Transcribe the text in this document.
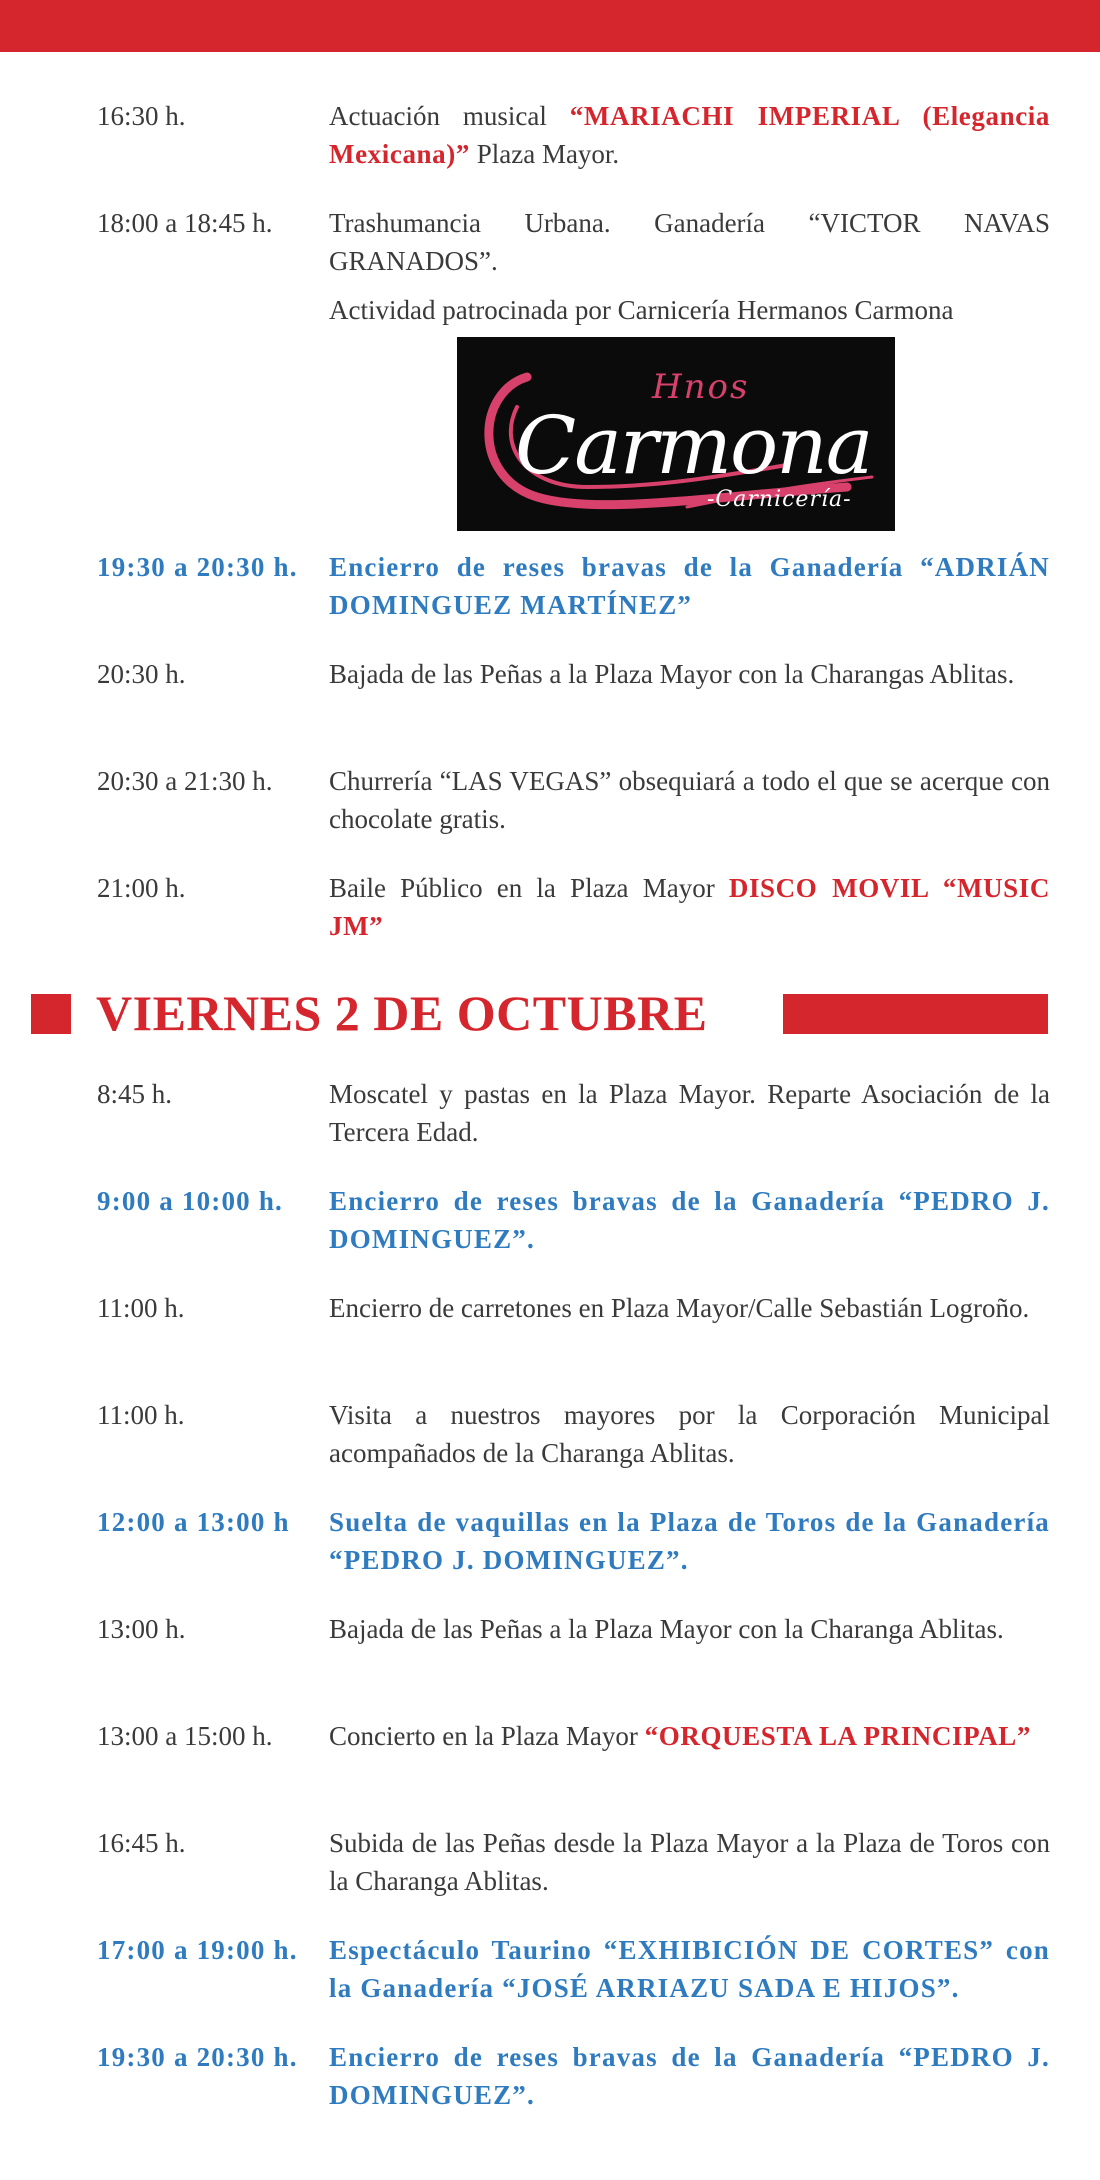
16:30 h.	Actuación musical “MARIACHI IMPERIAL (Elegancia Mexicana)” Plaza Mayor.
18:00 a 18:45 h.	Trashumancia Urbana. Ganadería “VICTOR NAVAS GRANADOS”.
Actividad patrocinada por Carnicería Hermanos Carmona
Hnos
Carmona
-Carnicería-
19:30 a 20:30 h.	Encierro de reses bravas de la Ganadería “ADRIÁN DOMINGUEZ MARTÍNEZ”
20:30 h.	Bajada de las Peñas a la Plaza Mayor con la Charangas Ablitas.
20:30 a 21:30 h.	Churrería “LAS VEGAS” obsequiará a todo el que se acerque con chocolate gratis.
21:00 h.	Baile Público en la Plaza Mayor DISCO MOVIL “MUSIC JM”
VIERNES 2 DE OCTUBRE
8:45 h.	Moscatel y pastas en la Plaza Mayor. Reparte Asociación de la Tercera Edad.
9:00 a 10:00 h.	Encierro de reses bravas de la Ganadería “PEDRO J. DOMINGUEZ”.
11:00 h.	Encierro de carretones en Plaza Mayor/Calle Sebastián Logroño.
11:00 h.	Visita a nuestros mayores por la Corporación Municipal acompañados de la Charanga Ablitas.
12:00 a 13:00 h	Suelta de vaquillas en la Plaza de Toros de la Ganadería “PEDRO J. DOMINGUEZ”.
13:00 h.	Bajada de las Peñas a la Plaza Mayor con la Charanga Ablitas.
13:00 a 15:00 h.	Concierto en la Plaza Mayor “ORQUESTA LA PRINCIPAL”
16:45 h.	Subida de las Peñas desde la Plaza Mayor a la Plaza de Toros con la Charanga Ablitas.
17:00 a 19:00 h.	Espectáculo Taurino “EXHIBICIÓN DE CORTES” con la Ganadería “JOSÉ ARRIAZU SADA E HIJOS”.
19:30 a 20:30 h.	Encierro de reses bravas de la Ganadería “PEDRO J. DOMINGUEZ”.
